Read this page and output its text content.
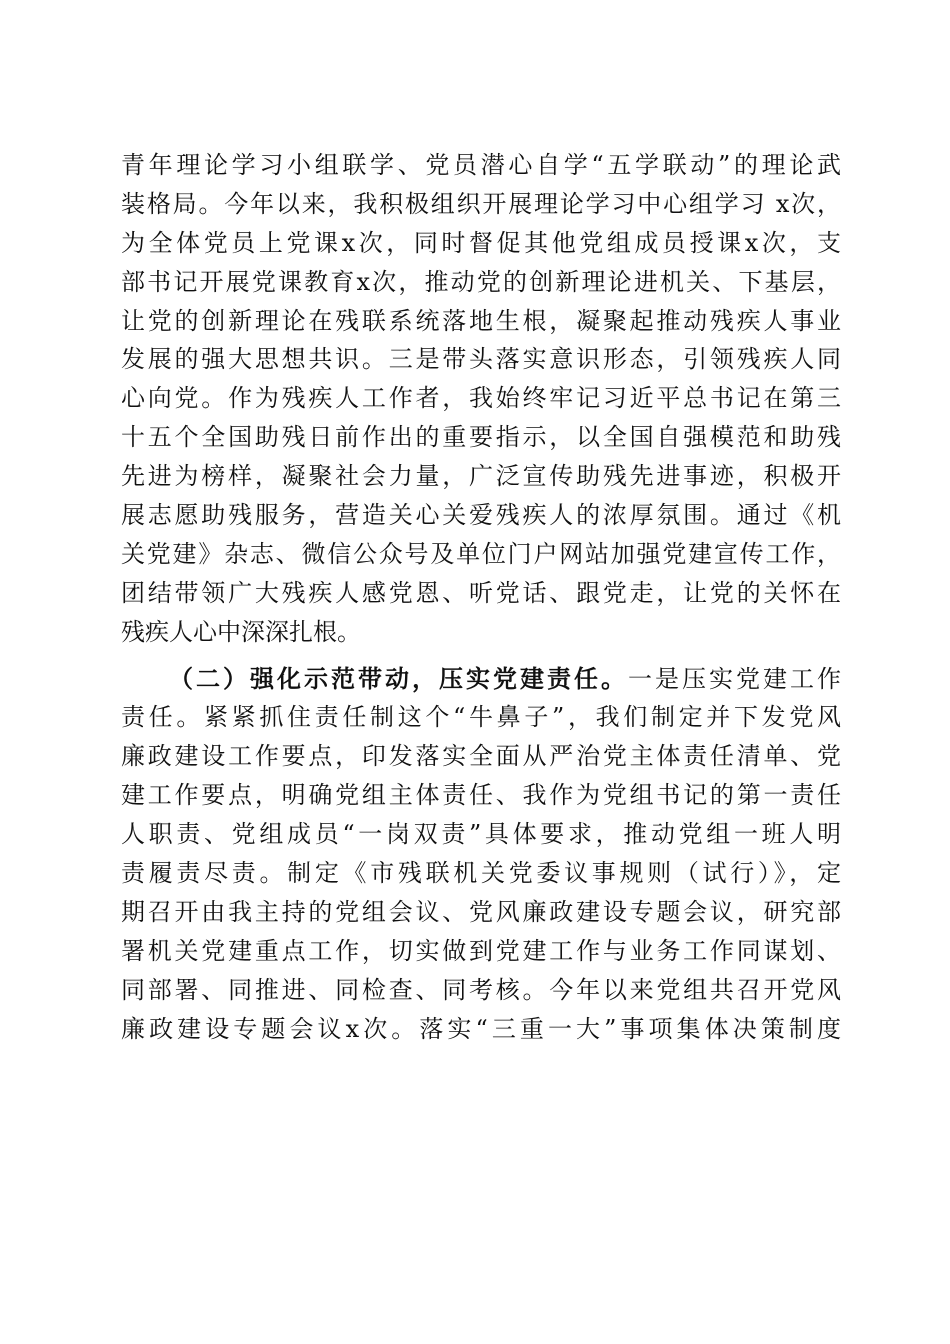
青年理论学习小组联学、党员潜心自学“五学联动”的理论武
装格局。今年以来，我积极组织开展理论学习中心组学习 x次，
为全体党员上党课x次，同时督促其他党组成员授课x次，支
部书记开展党课教育x次，推动党的创新理论进机关、下基层，
让党的创新理论在残联系统落地生根，凝聚起推动残疾人事业
发展的强大思想共识。三是带头落实意识形态，引领残疾人同
心向党。作为残疾人工作者，我始终牢记习近平总书记在第三
十五个全国助残日前作出的重要指示，以全国自强模范和助残
先进为榜样，凝聚社会力量，广泛宣传助残先进事迹，积极开
展志愿助残服务，营造关心关爱残疾人的浓厚氛围。通过《机
关党建》杂志、微信公众号及单位门户网站加强党建宣传工作，
团结带领广大残疾人感党恩、听党话、跟党走，让党的关怀在
残疾人心中深深扎根。
（二）强化示范带动，压实党建责任。一是压实党建工作
责任。紧紧抓住责任制这个“牛鼻子”，我们制定并下发党风
廉政建设工作要点，印发落实全面从严治党主体责任清单、党
建工作要点，明确党组主体责任、我作为党组书记的第一责任
人职责、党组成员“一岗双责”具体要求，推动党组一班人明
责履责尽责。制定《市残联机关党委议事规则（试行）》，定
期召开由我主持的党组会议、党风廉政建设专题会议，研究部
署机关党建重点工作，切实做到党建工作与业务工作同谋划、
同部署、同推进、同检查、同考核。今年以来党组共召开党风
廉政建设专题会议x次。落实“三重一大”事项集体决策制度
